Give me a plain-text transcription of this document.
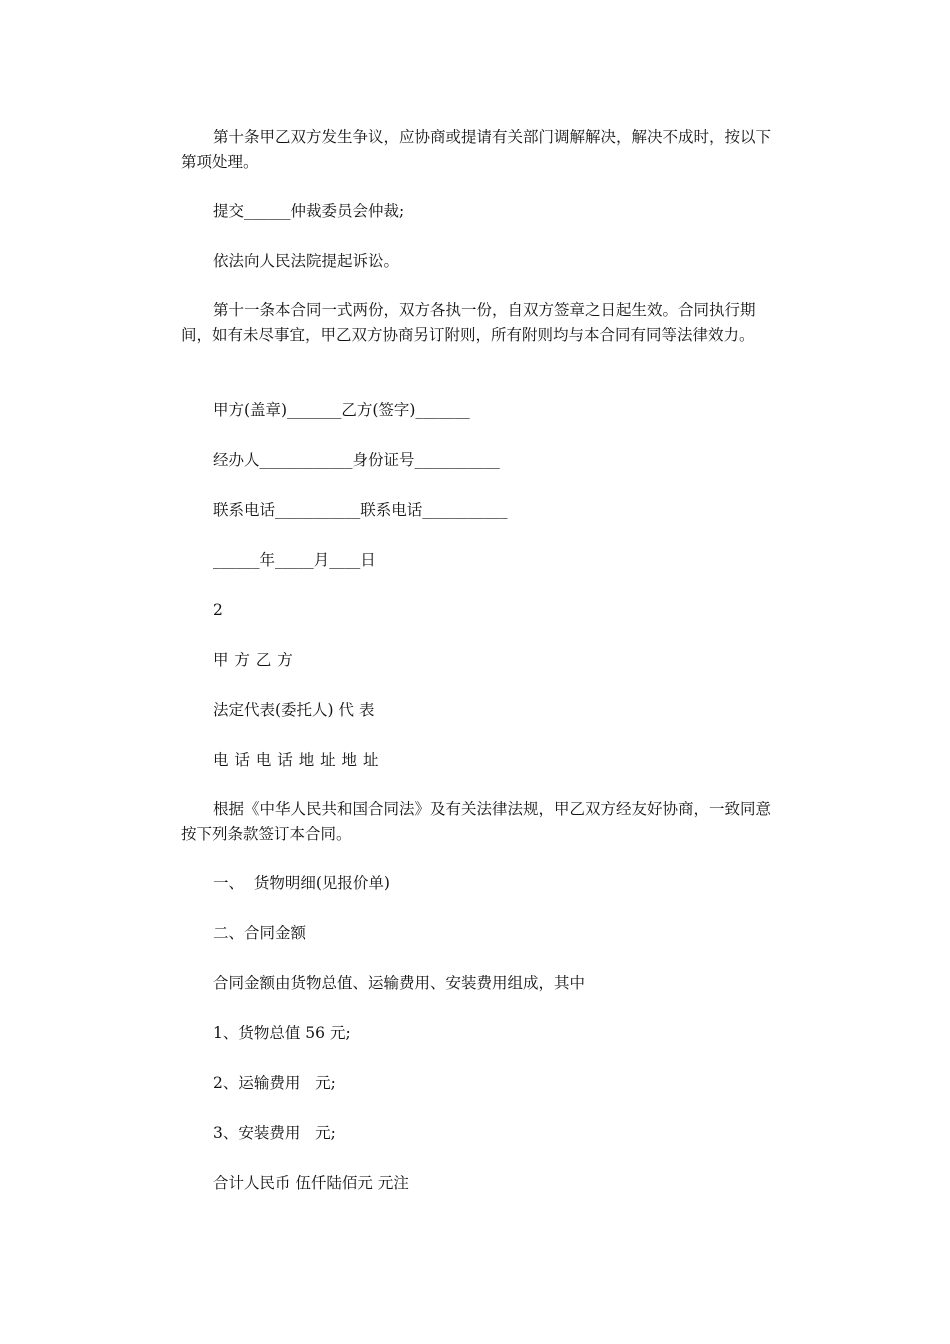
第十条甲乙双方发生争议，应协商或提请有关部门调解解决，解决不成时，按以下第项处理。

提交______仲裁委员会仲裁;

依法向人民法院提起诉讼。

第十一条本合同一式两份，双方各执一份，自双方签章之日起生效。合同执行期间，如有未尽事宜，甲乙双方协商另订附则，所有附则均与本合同有同等法律效力。

甲方(盖章)_______乙方(签字)_______

经办人____________身份证号___________

联系电话___________联系电话___________

______年_____月____日

2

甲 方 乙 方

法定代表(委托人) 代 表

电 话 电 话 地 址 地 址

根据《中华人民共和国合同法》及有关法律法规，甲乙双方经友好协商，一致同意按下列条款签订本合同。

一、  货物明细(见报价单)

二、合同金额

合同金额由货物总值、运输费用、安装费用组成，其中

1、货物总值 56 元;

2、运输费用   元;

3、安装费用   元;

合计人民币 伍仟陆佰元 元注
